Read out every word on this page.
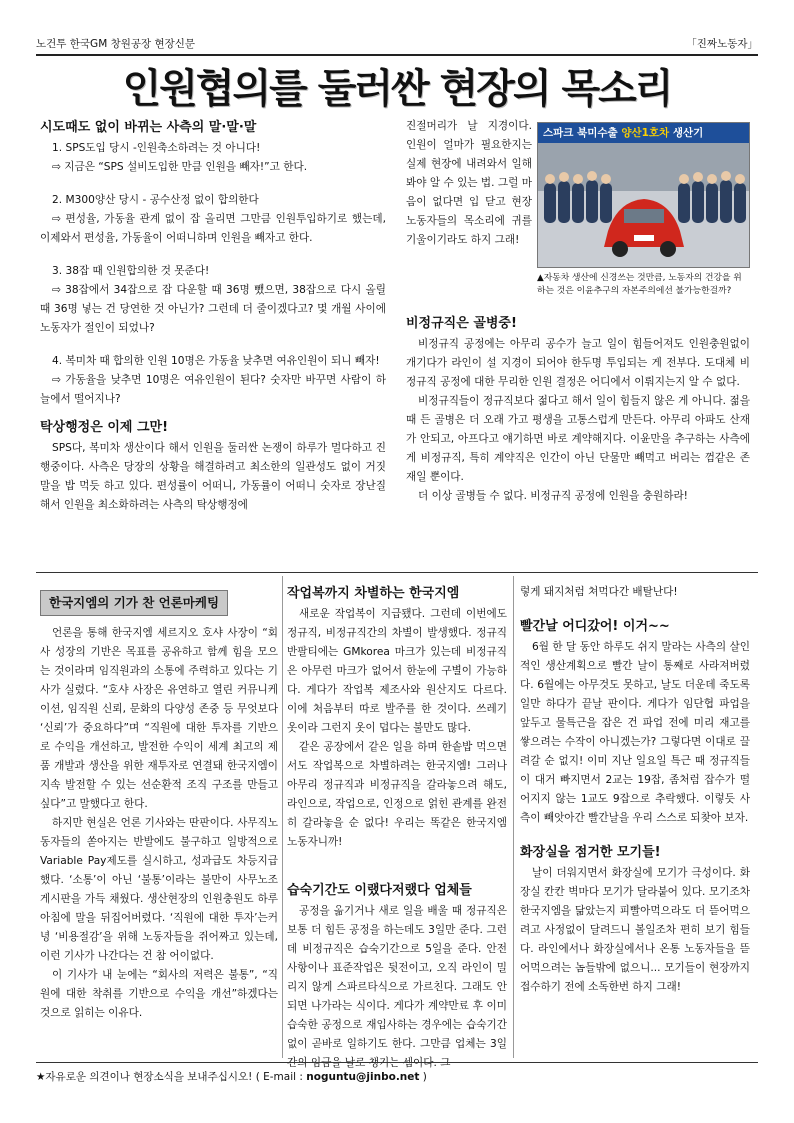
노건투 한국GM 창원공장 현장신문	「진짜노동자」
인원협의를 둘러싼 현장의 목소리
시도때도 없이 바뀌는 사측의 말·말·말

1. SPS도입 당시 -인원축소하려는 것 아니다!

⇨ 지금은 “SPS 설비도입한 만큼 인원을 빼자!”고 한다.

2. M300양산 당시 - 공수산정 없이 합의한다

⇨ 편성율, 가동율 관계 없이 잡 올리면 그만큼 인원투입하기로 했는데, 이제와서 편성율, 가동율이 어떠니하며 인원을 빼자고 한다.

3. 38잡 때 인원합의한 것 못준다!

⇨ 38잡에서 34잡으로 잡 다운할 때 36명 뺐으면, 38잡으로 다시 올릴 때 36명 넣는 건 당연한 것 아닌가? 그런데 더 줄이겠다고? 몇 개월 사이에 노동자가 절인이 되었나?

4. 복미차 때 합의한 인원 10명은 가동율 낮추면 여유인원이 되니 빼자!

⇨ 가동율을 낮추면 10명은 여유인원이 된다? 숫자만 바꾸면 사람이 하늘에서 떨어지나?

탁상행정은 이제 그만!

SPS다, 복미차 생산이다 해서 인원을 둘러싼 논쟁이 하루가 멀다하고 진행중이다. 사측은 당장의 상황을 해결하려고 최소한의 일관성도 없이 거짓말을 밥 먹듯 하고 있다. 편성률이 어떠니, 가동률이 어떠니 숫자로 장난질해서 인원을 최소화하려는 사측의 탁상행정에

진절머리가 날 지경이다. 인원이 얼마가 필요한지는 실제 현장에 내려와서 일해 봐야 알 수 있는 법. 그럴 마음이 없다면 입 닫고 현장 노동자들의 목소리에 귀를 기울이기라도 하지 그래!

스파크 북미수출 양산1호차 생산기
▲자동차 생산에 신경쓰는 것만큼, 노동자의 건강을 위하는 것은 이윤추구의 자본주의에선 불가능한걸까?
비정규직은 골병중!

비정규직 공정에는 아무리 공수가 늘고 일이 힘들어져도 인원충원없이 개기다가 라인이 설 지경이 되어야 한두명 투입되는 게 전부다. 도대체 비정규직 공정에 대한 무리한 인원 결정은 어디에서 이뤄지는지 알 수 없다.

비정규직들이 정규직보다 젊다고 해서 일이 힘들지 않은 게 아니다. 젊을 때 든 골병은 더 오래 가고 평생을 고통스럽게 만든다. 아무리 아파도 산재가 안되고, 아프다고 얘기하면 바로 계약해지다. 이윤만을 추구하는 사측에게 비정규직, 특히 계약직은 인간이 아닌 단물만 빼먹고 버리는 껌같은 존재일 뿐이다.

더 이상 골병들 수 없다. 비정규직 공정에 인원을 충원하라!

한국지엠의 기가 찬 언론마케팅

언론을 통해 한국지엠 세르지오 호샤 사장이 “회사 성장의 기반은 목표를 공유하고 함께 힘을 모으는 것이라며 임직원과의 소통에 주력하고 있다는 기사가 실렸다. “호샤 사장은 유연하고 열린 커뮤니케이션, 임직원 신뢰, 문화의 다양성 존중 등 무엇보다 ‘신뢰’가 중요하다”며 “직원에 대한 투자를 기반으로 수익을 개선하고, 발전한 수익이 세계 최고의 제품 개발과 생산을 위한 재투자로 연결돼 한국지엠이 지속 발전할 수 있는 선순환적 조직 구조를 만들고 싶다”고 말했다고 한다.

하지만 현실은 언론 기사와는 딴판이다. 사무직노동자들의 쏟아지는 반발에도 불구하고 일방적으로 Variable Pay제도를 실시하고, 성과급도 차등지급했다. ‘소통’이 아닌 ‘불통’이라는 불만이 사무노조게시판을 가득 채웠다. 생산현장의 인원충원도 하루 아침에 말을 뒤집어버렸다. ‘직원에 대한 투자’는커녕 ‘비용절감’을 위해 노동자들을 쥐어짜고 있는데, 이런 기사가 나간다는 건 참 어이없다.

이 기사가 내 눈에는 “회사의 저력은 불통”, “직원에 대한 착취를 기반으로 수익을 개선”하겠다는 것으로 읽히는 이유다.

작업복까지 차별하는 한국지엠

새로운 작업복이 지급됐다. 그런데 이번에도 정규직, 비정규직간의 차별이 발생했다. 정규직 반팔티에는 GMkorea 마크가 있는데 비정규직은 아무런 마크가 없어서 한눈에 구별이 가능하다. 게다가 작업복 제조사와 원산지도 다르다. 이에 처음부터 따로 발주를 한 것이다. 쓰레기 옷이라 그런지 옷이 덥다는 불만도 많다.

같은 공장에서 같은 일을 하며 한솥밥 먹으면서도 작업복으로 차별하려는 한국지엠! 그러나 아무리 정규직과 비정규직을 갈라놓으려 해도, 라인으로, 작업으로, 인정으로 얽힌 관계를 완전히 갈라놓을 순 없다! 우리는 똑같은 한국지엠 노동자니까!

습숙기간도 이랬다저랬다 업체들

공정을 옮기거나 새로 일을 배울 때 정규직은 보통 더 힘든 공정을 하는데도 3일만 준다. 그런데 비정규직은 습숙기간으로 5일을 준다. 안전사항이나 표준작업은 뒷전이고, 오직 라인이 밀리지 않게 스파르타식으로 가르친다. 그래도 안되면 나가라는 식이다. 게다가 계약만료 후 이미 습숙한 공정으로 재입사하는 경우에는 습숙기간 없이 곧바로 일하기도 한다. 그만큼 업체는 3일간의 임금을 날로 챙기는 셈이다. 그

렇게 돼지처럼 쳐먹다간 배탈난다!

빨간날 어디갔어! 이거~~

6월 한 달 동안 하루도 쉬지 말라는 사측의 살인적인 생산계획으로 빨간 날이 통째로 사라져버렸다. 6월에는 아무것도 못하고, 날도 더운데 죽도록 일만 하다가 끝날 판이다. 게다가 임단협 파업을 앞두고 물특근을 잡은 건 파업 전에 미리 재고를 쌓으려는 수작이 아니겠는가? 그렇다면 이대로 끌려갈 순 없지! 이미 지난 일요일 특근 때 정규직들이 대거 빠지면서 2교는 19잡, 좀처럼 잡수가 떨어지지 않는 1교도 9잡으로 추락했다. 이렇듯 사측이 빼앗아간 빨간날을 우리 스스로 되찾아 보자.

화장실을 점거한 모기들!

날이 더워지면서 화장실에 모기가 극성이다. 화장실 칸칸 벽마다 모기가 달라붙어 있다. 모기조차 한국지엠을 닮았는지 피빨아먹으라도 더 뜯어먹으려고 사정없이 달려드니 볼일조차 편히 보기 힘들다. 라인에서나 화장실에서나 온통 노동자들을 뜯어먹으려는 놈들밖에 없으니... 모기들이 현장까지 접수하기 전에 소독한번 하지 그래!

★자유로운 의견이나 현장소식을 보내주십시오! ( E-mail : noguntu@jinbo.net )
